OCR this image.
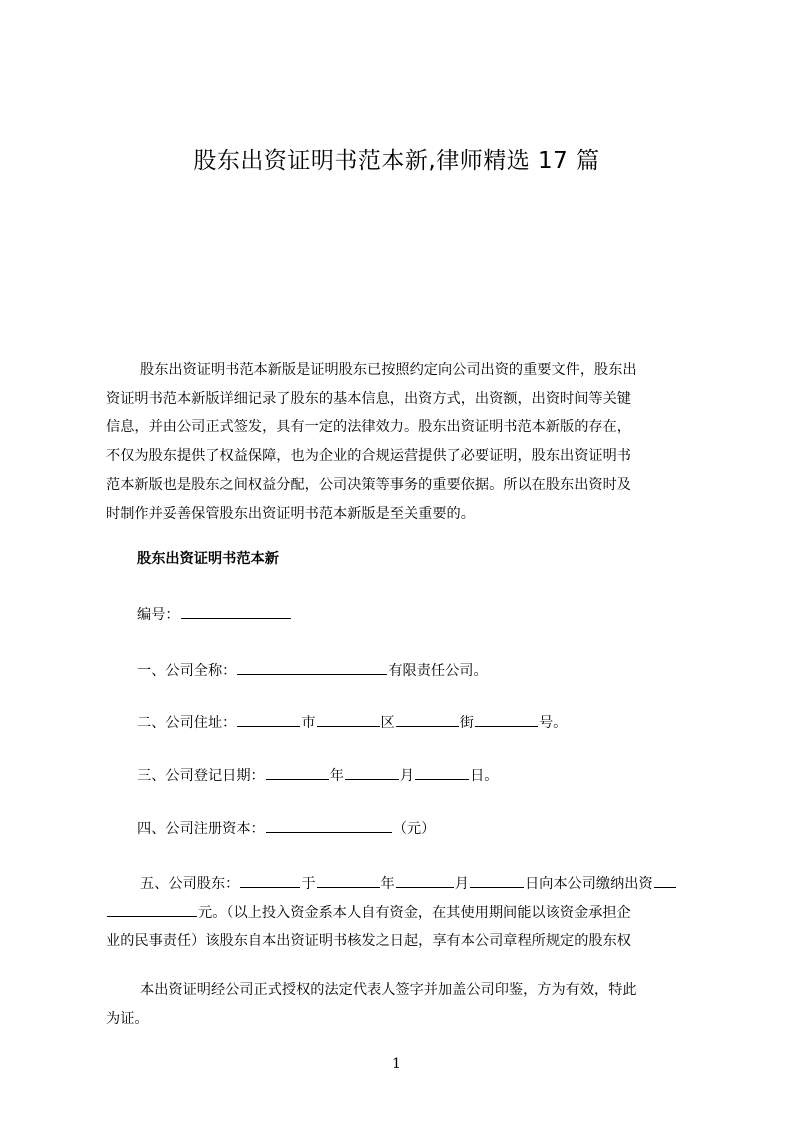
股东出资证明书范本新,律师精选 17 篇
股东出资证明书范本新版是证明股东已按照约定向公司出资的重要文件，股东出
资证明书范本新版详细记录了股东的基本信息，出资方式，出资额，出资时间等关键
信息，并由公司正式签发，具有一定的法律效力。股东出资证明书范本新版的存在，
不仅为股东提供了权益保障，也为企业的合规运营提供了必要证明，股东出资证明书
范本新版也是股东之间权益分配，公司决策等事务的重要依据。所以在股东出资时及
时制作并妥善保管股东出资证明书范本新版是至关重要的。
股东出资证明书范本新
编号：
一、公司全称：	有限责任公司。
二、公司住址：	市	区	街	号。
三、公司登记日期：	年	月	日。
四、公司注册资本：	（元）
五、公司股东：	于	年	月	日向本公司缴纳出资
元。（以上投入资金系本人自有资金，在其使用期间能以该资金承担企
业的民事责任）该股东自本出资证明书核发之日起，享有本公司章程所规定的股东权
本出资证明经公司正式授权的法定代表人签字并加盖公司印鉴，方为有效，特此
为证。
1
